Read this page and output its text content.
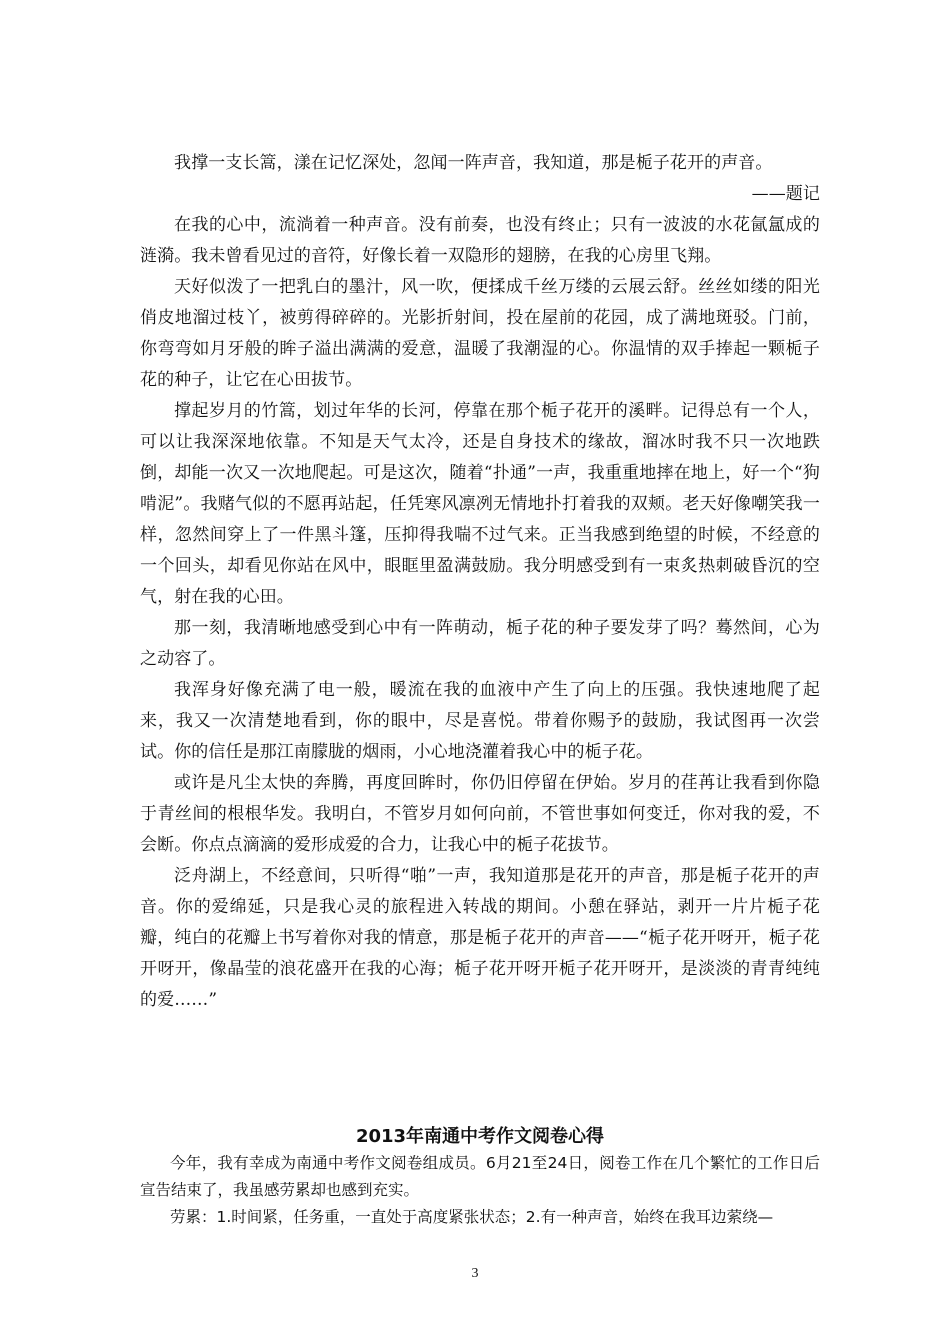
我撑一支长篙，漾在记忆深处，忽闻一阵声音，我知道，那是栀子花开的声音。

——题记

在我的心中，流淌着一种声音。没有前奏，也没有终止；只有一波波的水花氤氲成的涟漪。我未曾看见过的音符，好像长着一双隐形的翅膀，在我的心房里飞翔。

天好似泼了一把乳白的墨汁，风一吹，便揉成千丝万缕的云展云舒。丝丝如缕的阳光俏皮地溜过枝丫，被剪得碎碎的。光影折射间，投在屋前的花园，成了满地斑驳。门前，你弯弯如月牙般的眸子溢出满满的爱意，温暖了我潮湿的心。你温情的双手捧起一颗栀子花的种子，让它在心田拔节。

撑起岁月的竹篙，划过年华的长河，停靠在那个栀子花开的溪畔。记得总有一个人，可以让我深深地依靠。不知是天气太冷，还是自身技术的缘故，溜冰时我不只一次地跌倒，却能一次又一次地爬起。可是这次，随着“扑通”一声，我重重地摔在地上，好一个“狗啃泥”。我赌气似的不愿再站起，任凭寒风凛冽无情地扑打着我的双颊。老天好像嘲笑我一样，忽然间穿上了一件黑斗篷，压抑得我喘不过气来。正当我感到绝望的时候，不经意的一个回头，却看见你站在风中，眼眶里盈满鼓励。我分明感受到有一束炙热刺破昏沉的空气，射在我的心田。

那一刻，我清晰地感受到心中有一阵萌动，栀子花的种子要发芽了吗？蓦然间，心为之动容了。

我浑身好像充满了电一般，暖流在我的血液中产生了向上的压强。我快速地爬了起来，我又一次清楚地看到，你的眼中，尽是喜悦。带着你赐予的鼓励，我试图再一次尝试。你的信任是那江南朦胧的烟雨，小心地浇灌着我心中的栀子花。

或许是凡尘太快的奔腾，再度回眸时，你仍旧停留在伊始。岁月的荏苒让我看到你隐于青丝间的根根华发。我明白，不管岁月如何向前，不管世事如何变迁，你对我的爱，不会断。你点点滴滴的爱形成爱的合力，让我心中的栀子花拔节。

泛舟湖上，不经意间，只听得“啪”一声，我知道那是花开的声音，那是栀子花开的声音。你的爱绵延，只是我心灵的旅程进入转战的期间。小憩在驿站，剥开一片片栀子花瓣，纯白的花瓣上书写着你对我的情意，那是栀子花开的声音——“栀子花开呀开，栀子花开呀开，像晶莹的浪花盛开在我的心海；栀子花开呀开栀子花开呀开，是淡淡的青青纯纯的爱……”

2013年南通中考作文阅卷心得

今年，我有幸成为南通中考作文阅卷组成员。6月21至24日，阅卷工作在几个繁忙的工作日后宣告结束了，我虽感劳累却也感到充实。

劳累：1.时间紧，任务重，一直处于高度紧张状态；2.有一种声音，始终在我耳边萦绕—

3
